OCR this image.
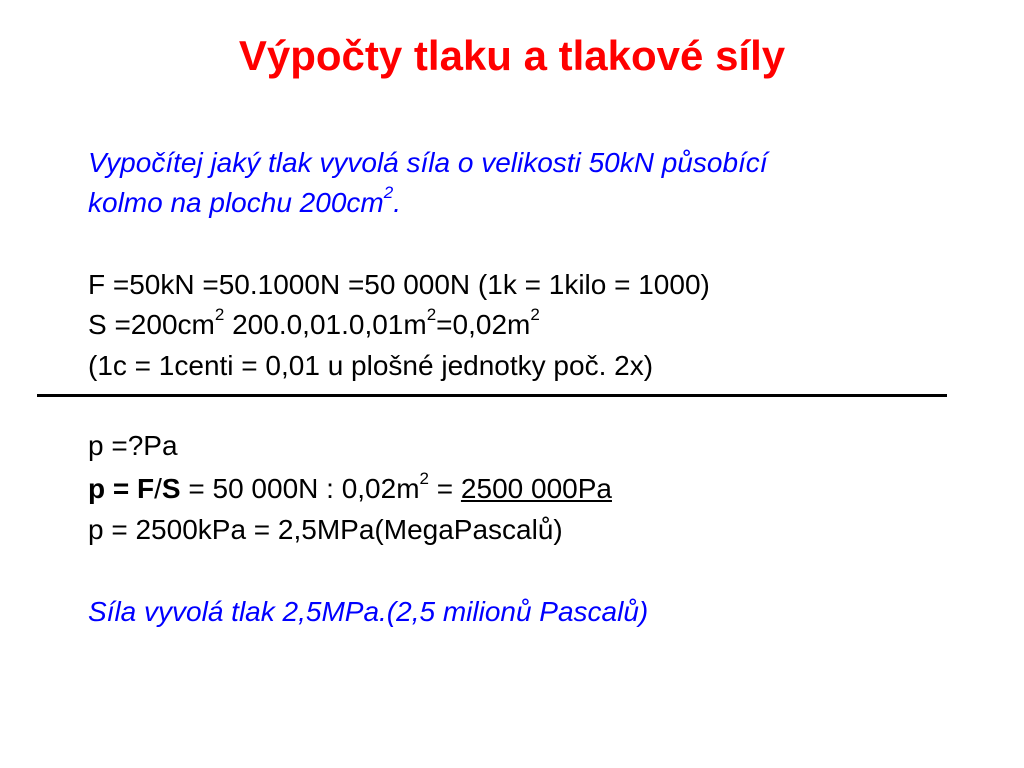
Výpočty tlaku a tlakové síly
Vypočítej jaký tlak vyvolá síla o velikosti 50kN působící
kolmo na plochu $200cm^2$.
F =50kN =50.1000N =50 000N (1k = 1kilo = 1000)
$S =200cm^2$ $200.0,01.0,01m^2=0,02m^2$
(1c = 1centi = 0,01 u plošné jednotky poč. 2x)
p =?Pa
p = F/S = 50 000N : $0,02m^2 = 2500$ 000Pa
p = 2500kPa = 2,5MPa(MegaPascalů)
Síla vyvolá tlak 2,5MPa.(2,5 milionů Pascalů)
